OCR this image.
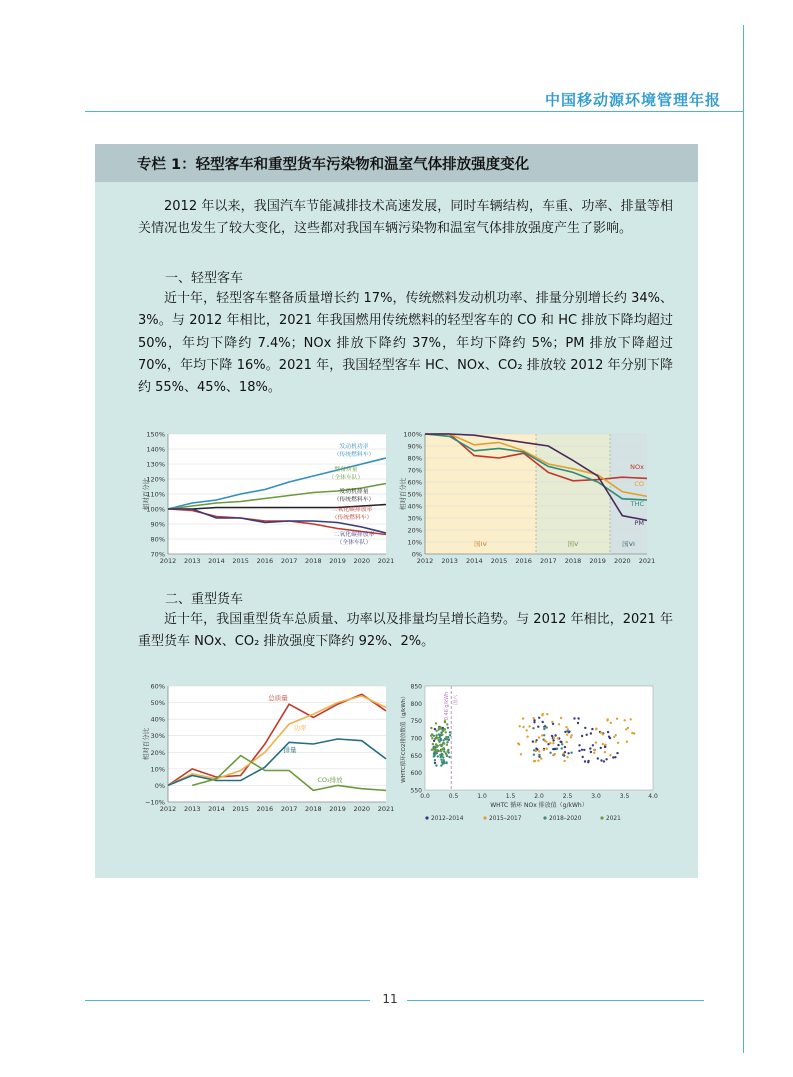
中国移动源环境管理年报
专栏 1：轻型客车和重型货车污染物和温室气体排放强度变化
2012 年以来，我国汽车节能减排技术高速发展，同时车辆结构，车重、功率、排量等相关情况也发生了较大变化，这些都对我国车辆污染物和温室气体排放强度产生了影响。
一、轻型客车
近十年，轻型客车整备质量增长约 17%，传统燃料发动机功率、排量分别增长约 34%、3%。与 2012 年相比，2021 年我国燃用传统燃料的轻型客车的 CO 和 HC 排放下降均超过 50%，年均下降约 7.4%；NOx 排放下降约 37%，年均下降约 5%；PM 排放下降超过 70%，年均下降 16%。2021 年，我国轻型客车 HC、NOx、CO₂ 排放较 2012 年分别下降约 55%、45%、18%。
150%
140%
130%
120%
110%
100%
90%
80%
70%
2012 2013 2014 2015 2016 2017 2018 2019 2020 2021
相对百分比
发动机功率
（传统燃料车）
整备质量
（全体车队）
发动机排量
（传统燃料车）
二氧化碳排放率
（传统燃料车）
二氧化碳排放率
（全体车队）	国IV	国V	国VI
100%
90%
80%
70%
60%
50%
40%
30%
20%
10%
0%
2012 2013 2014 2015 2016 2017 2018 2019 2020 2021
相对百分比
NOx
CO
THC
PM
二、重型货车
近十年，我国重型货车总质量、功率以及排量均呈增长趋势。与 2012 年相比，2021 年重型货车 NOx、CO₂ 排放强度下降约 92%、2%。
60%
50%
40%
30%
20%
10%
0%
−10%
2012 2013 2014 2015 2016 2017 2018 2019 2020 2021
相对百分比
总质量
功率
排量
CO₂排放
850
800
750
700
650
600
550
0.0	0.5	1.0	1.5	2.0	2.5	3.0	3.5	4.0
WHTC 循环 NOx 排放值（g/kWh）
WHTC循环CO2排放数值（g/kWh）	0.46 g/kWh 国六
2012–2014	2015–2017	2018–2020	2021
11
